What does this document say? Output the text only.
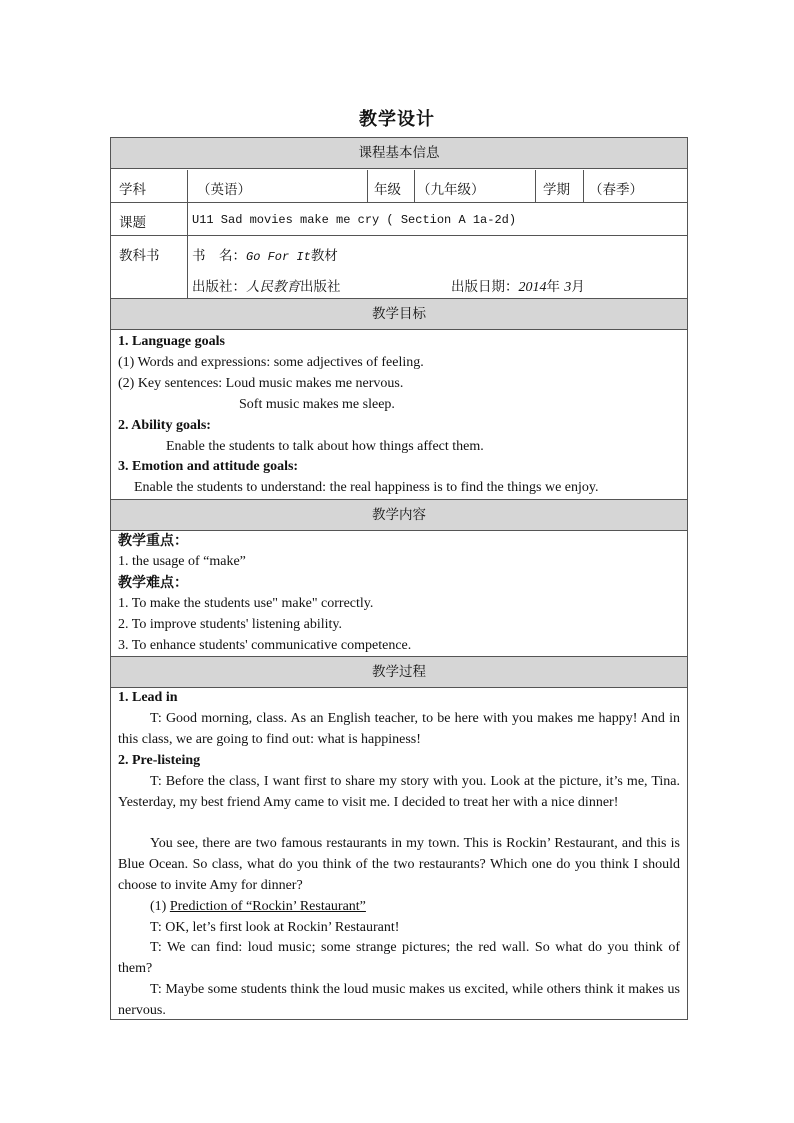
教学设计
课程基本信息
学科	（英语）	年级 （九年级）	学期 （春季）
课题	U11 Sad movies make me cry ( Section A 1a-2d)
教科书 书　名：Go For It教材
出版社：人民教育出版社	出版日期：2014年 3月
教学目标
1. Language goals
(1) Words and expressions: some adjectives of feeling.
(2) Key sentences: Loud music makes me nervous.
Soft music makes me sleep.
2. Ability goals:
Enable the students to talk about how things affect them.
3. Emotion and attitude goals:
Enable the students to understand: the real happiness is to find the things we enjoy.
教学内容
教学重点：
1. the usage of “make”
教学难点：
1. To make the students use" make" correctly.
2. To improve students' listening ability.
3. To enhance students' communicative competence.
教学过程
1. Lead in
T: Good morning, class. As an English teacher, to be here with you makes me happy! And in this class, we are going to find out: what is happiness!
2. Pre-listeing
T: Before the class, I want first to share my story with you. Look at the picture, it’s me, Tina. Yesterday, my best friend Amy came to visit me. I decided to treat her with a nice dinner!
You see, there are two famous restaurants in my town. This is Rockin’ Restaurant, and this is Blue Ocean. So class, what do you think of the two restaurants? Which one do you think I should choose to invite Amy for dinner?
(1) Prediction of “Rockin’ Restaurant”
T: OK, let’s first look at Rockin’ Restaurant!
T: We can find: loud music; some strange pictures; the red wall. So what do you think of them?
T: Maybe some students think the loud music makes us excited, while others think it makes us nervous.
